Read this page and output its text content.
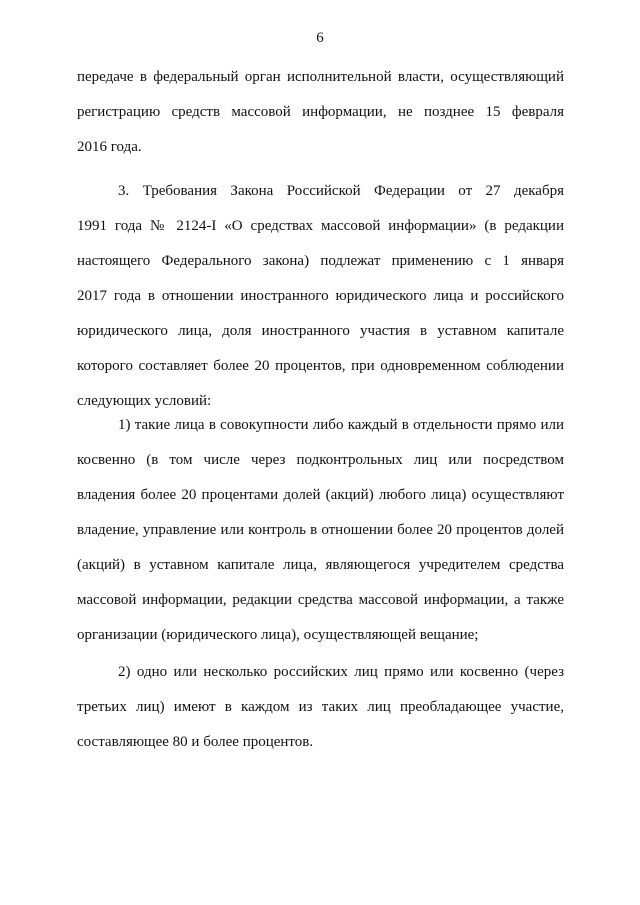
6
передаче в федеральный орган исполнительной власти, осуществляющий
регистрацию средств массовой информации, не позднее 15 февраля
2016 года.
3. Требования Закона Российской Федерации от 27 декабря
1991 года № 2124-I «О средствах массовой информации» (в редакции
настоящего Федерального закона) подлежат применению с 1 января
2017 года в отношении иностранного юридического лица и российского
юридического лица, доля иностранного участия в уставном капитале
которого составляет более 20 процентов, при одновременном соблюдении
следующих условий:
1) такие лица в совокупности либо каждый в отдельности прямо или
косвенно (в том числе через подконтрольных лиц или посредством
владения более 20 процентами долей (акций) любого лица) осуществляют
владение, управление или контроль в отношении более 20 процентов долей
(акций) в уставном капитале лица, являющегося учредителем средства
массовой информации, редакции средства массовой информации, а также
организации (юридического лица), осуществляющей вещание;
2) одно или несколько российских лиц прямо или косвенно (через
третьих лиц) имеют в каждом из таких лиц преобладающее участие,
составляющее 80 и более процентов.
